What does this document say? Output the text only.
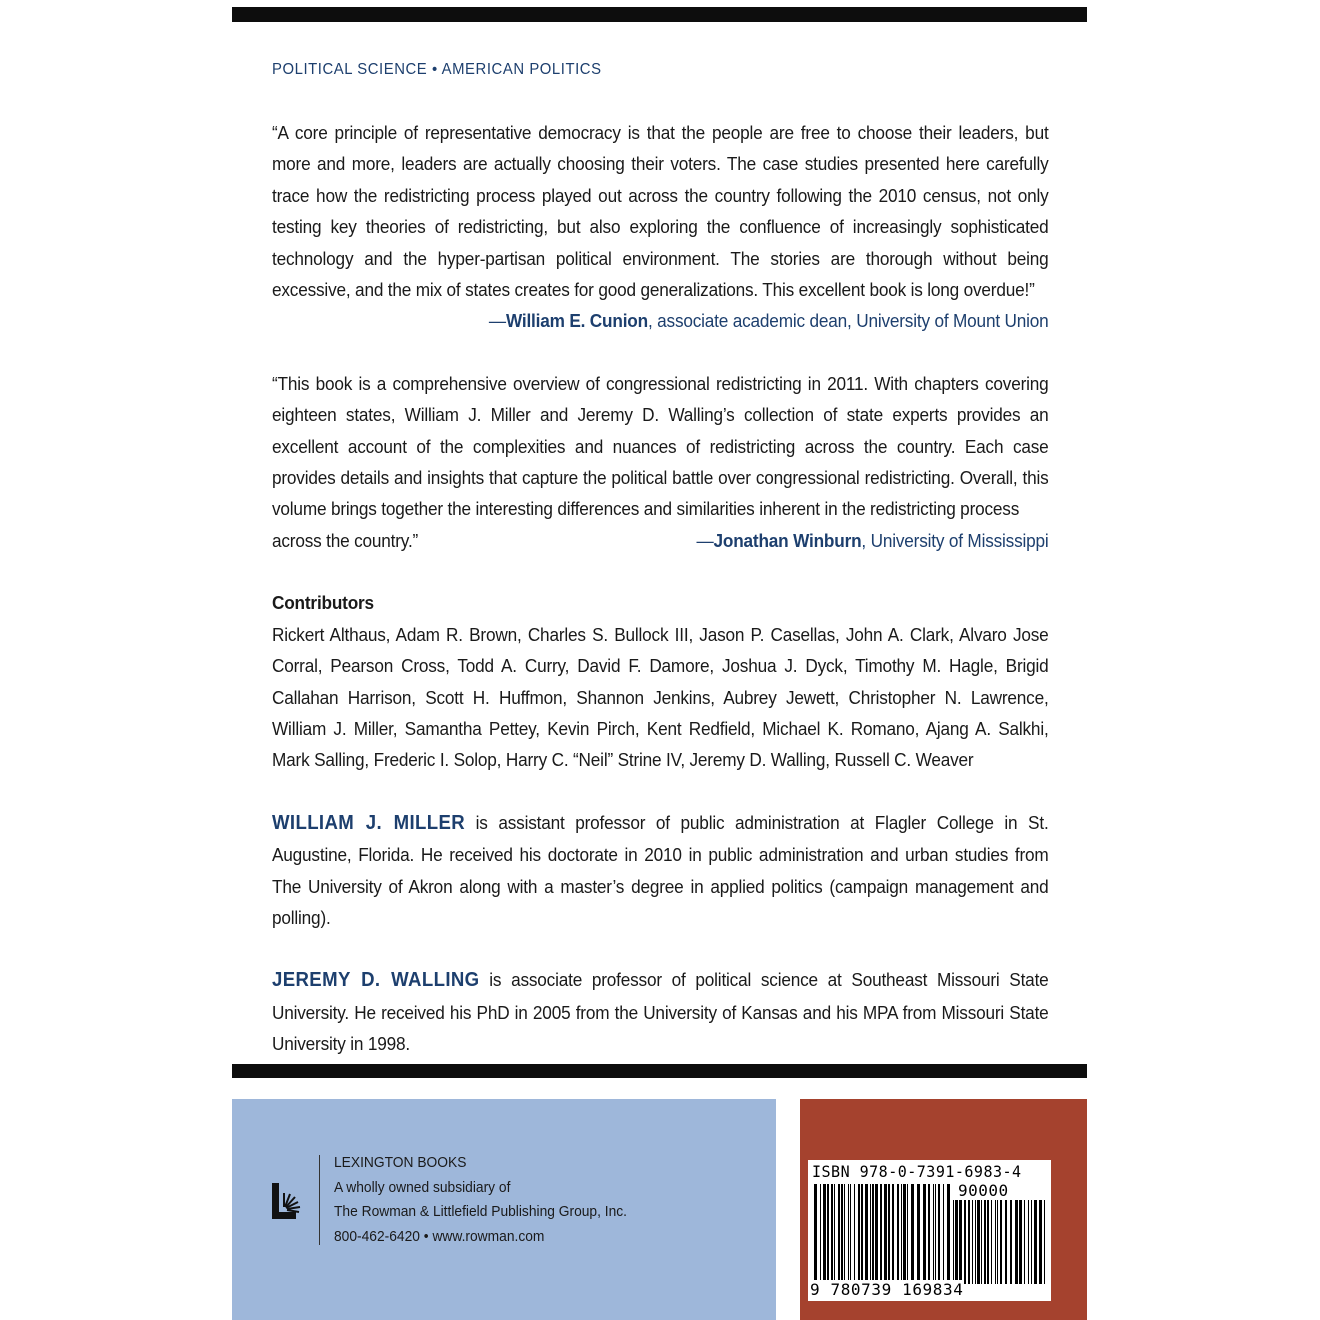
POLITICAL SCIENCE • AMERICAN POLITICS

“A core principle of representative democracy is that the people are free to choose their leaders, but more and more, leaders are actually choosing their voters. The case studies presented here carefully trace how the redistricting process played out across the country following the 2010 census, not only testing key theories of redistricting, but also exploring the confluence of increasingly sophisticated technology and the hyper-partisan political environment. The stories are thorough without being excessive, and the mix of states creates for good generalizations. This excellent book is long overdue!”

—William E. Cunion, associate academic dean, University of Mount Union

“This book is a comprehensive overview of congressional redistricting in 2011. With chapters covering eighteen states, William J. Miller and Jeremy D. Walling’s collection of state experts provides an excellent account of the complexities and nuances of redistricting across the country. Each case provides details and insights that capture the political battle over congressional redistricting. Overall, this volume brings together the interesting differences and similarities inherent in the redistricting process

across the country.”	—Jonathan Winburn, University of Mississippi
Contributors

Rickert Althaus, Adam R. Brown, Charles S. Bullock III, Jason P. Casellas, John A. Clark, Alvaro Jose Corral, Pearson Cross, Todd A. Curry, David F. Damore, Joshua J. Dyck, Timothy M. Hagle, Brigid Callahan Harrison, Scott H. Huffmon, Shannon Jenkins, Aubrey Jewett, Christopher N. Lawrence, William J. Miller, Samantha Pettey, Kevin Pirch, Kent Redfield, Michael K. Romano, Ajang A. Salkhi, Mark Salling, Frederic I. Solop, Harry C. “Neil” Strine IV, Jeremy D. Walling, Russell C. Weaver

WILLIAM J. MILLER is assistant professor of public administration at Flagler College in St. Augustine, Florida. He received his doctorate in 2010 in public administration and urban studies from The University of Akron along with a master’s degree in applied politics (campaign management and polling).

JEREMY D. WALLING is associate professor of political science at Southeast Missouri State University. He received his PhD in 2005 from the University of Kansas and his MPA from Missouri State University in 1998.

LEXINGTON BOOKS
A wholly owned subsidiary of
The Rowman & Littlefield Publishing Group, Inc.
800-462-6420 • www.rowman.com
ISBN 978-0-7391-6983-4
90000
9 780739 169834
